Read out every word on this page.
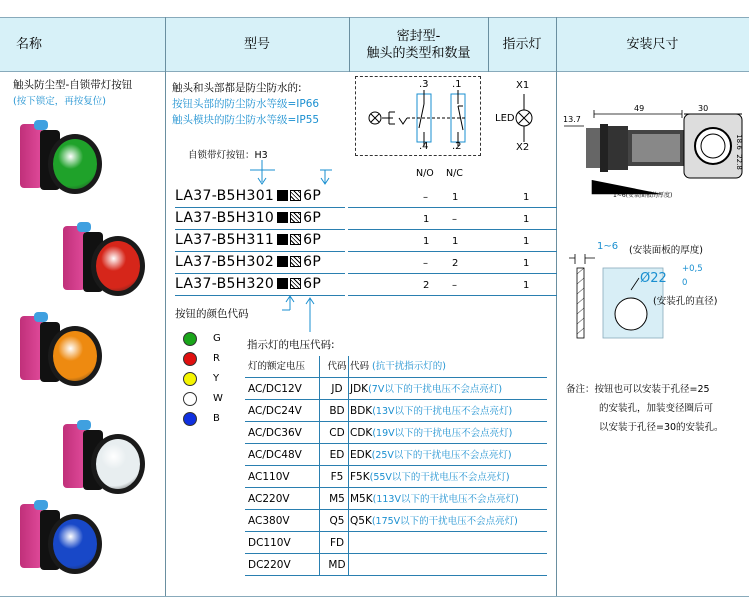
名称	型号
密封型-
触头的类型和数量
指示灯	安装尺寸
触头防尘型-自锁带灯按钮
(按下锁定，再按复位)
触头和头部都是防尘防水的:
按钮头部的防尘防水等级=IP66
触头模块的防尘防水等级=IP55
自锁带灯按钮：H3
.3 .1
.4 .2
X1
X2
LED
N/O N/C
LA37-B5H301 6P	– 1	1
LA37-B5H310 6P	1 –	1
LA37-B5H311 6P	1 1	1
LA37-B5H302 6P	– 2	1
LA37-B5H320 6P	2 –	1
按钮的颜色代码
G
R
Y
W
B
指示灯的电压代码:
灯的额定电压	代码 代码 (抗干扰指示灯的)
AC/DC12V	JD JDK(7V以下的干扰电压不会点亮灯)
AC/DC24V	BD BDK(13V以下的干扰电压不会点亮灯)
AC/DC36V	CD CDK(19V以下的干扰电压不会点亮灯)
AC/DC48V	ED EDK(25V以下的干扰电压不会点亮灯)
AC110V	F5 F5K(55V以下的干扰电压不会点亮灯)
AC220V	M5 M5K(113V以下的干扰电压不会点亮灯)
AC380V	Q5 Q5K(175V以下的干扰电压不会点亮灯)
DC110V	FD
DC220V	MD
49	30
13.7
18.6
22.8
1~6(安装面板的厚度)
1~6 (安装面板的厚度)
Ø22
+0,5
0
(安装孔的直径)
备注：按钮也可以安装于孔径=25
的安装孔，加装变径圈后可
以安装于孔径=30的安装孔。
